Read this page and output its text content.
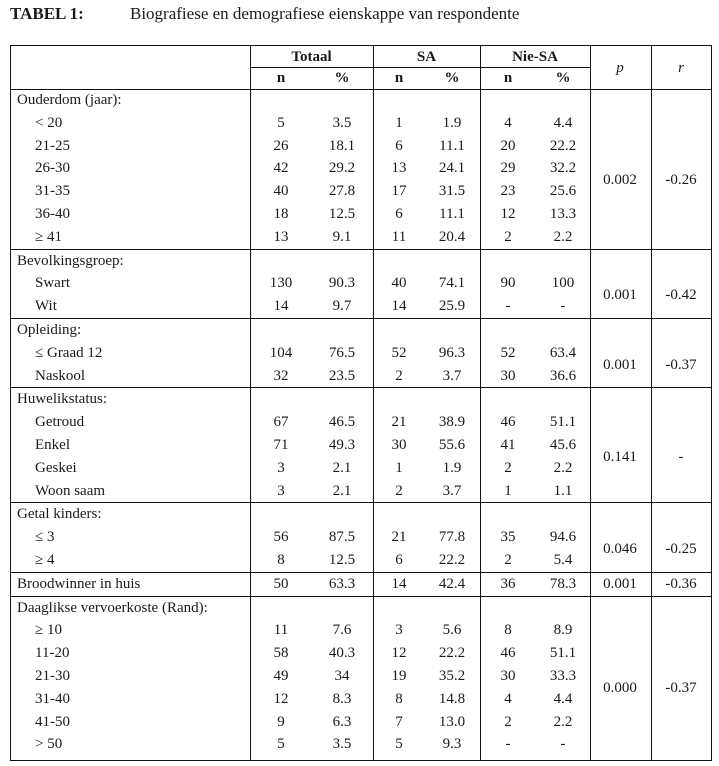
TABEL 1:	Biografiese en demografiese eienskappe van respondente
Totaal	SA	Nie-SA
n	%	n	%	n	%
p	r
Ouderdom (jaar):
< 20	5	3.5	1	1.9	4	4.4
21-25	26	18.1	6	11.1	20	22.2
26-30	42	29.2	13	24.1	29	32.2
31-35	40	27.8	17	31.5	23	25.6
36-40	18	12.5	6	11.1	12	13.3
≥ 41	13	9.1	11	20.4	2	2.2
0.002	-0.26
Bevolkingsgroep:
Swart	130	90.3	40	74.1	90	100
Wit	14	9.7	14	25.9	-	-
0.001	-0.42
Opleiding:
≤ Graad 12	104	76.5	52	96.3	52	63.4
Naskool	32	23.5	2	3.7	30	36.6
0.001	-0.37
Huwelikstatus:
Getroud	67	46.5	21	38.9	46	51.1
Enkel	71	49.3	30	55.6	41	45.6
Geskei	3	2.1	1	1.9	2	2.2
Woon saam	3	2.1	2	3.7	1	1.1
0.141	-
Getal kinders:
≤ 3	56	87.5	21	77.8	35	94.6
≥ 4	8	12.5	6	22.2	2	5.4
0.046	-0.25
Broodwinner in huis	50	63.3	14	42.4	36	78.3	0.001	-0.36
Daaglikse vervoerkoste (Rand):
≥ 10	11	7.6	3	5.6	8	8.9
11-20	58	40.3	12	22.2	46	51.1
21-30	49	34	19	35.2	30	33.3
31-40	12	8.3	8	14.8	4	4.4
41-50	9	6.3	7	13.0	2	2.2
> 50	5	3.5	5	9.3	-	-
0.000	-0.37
